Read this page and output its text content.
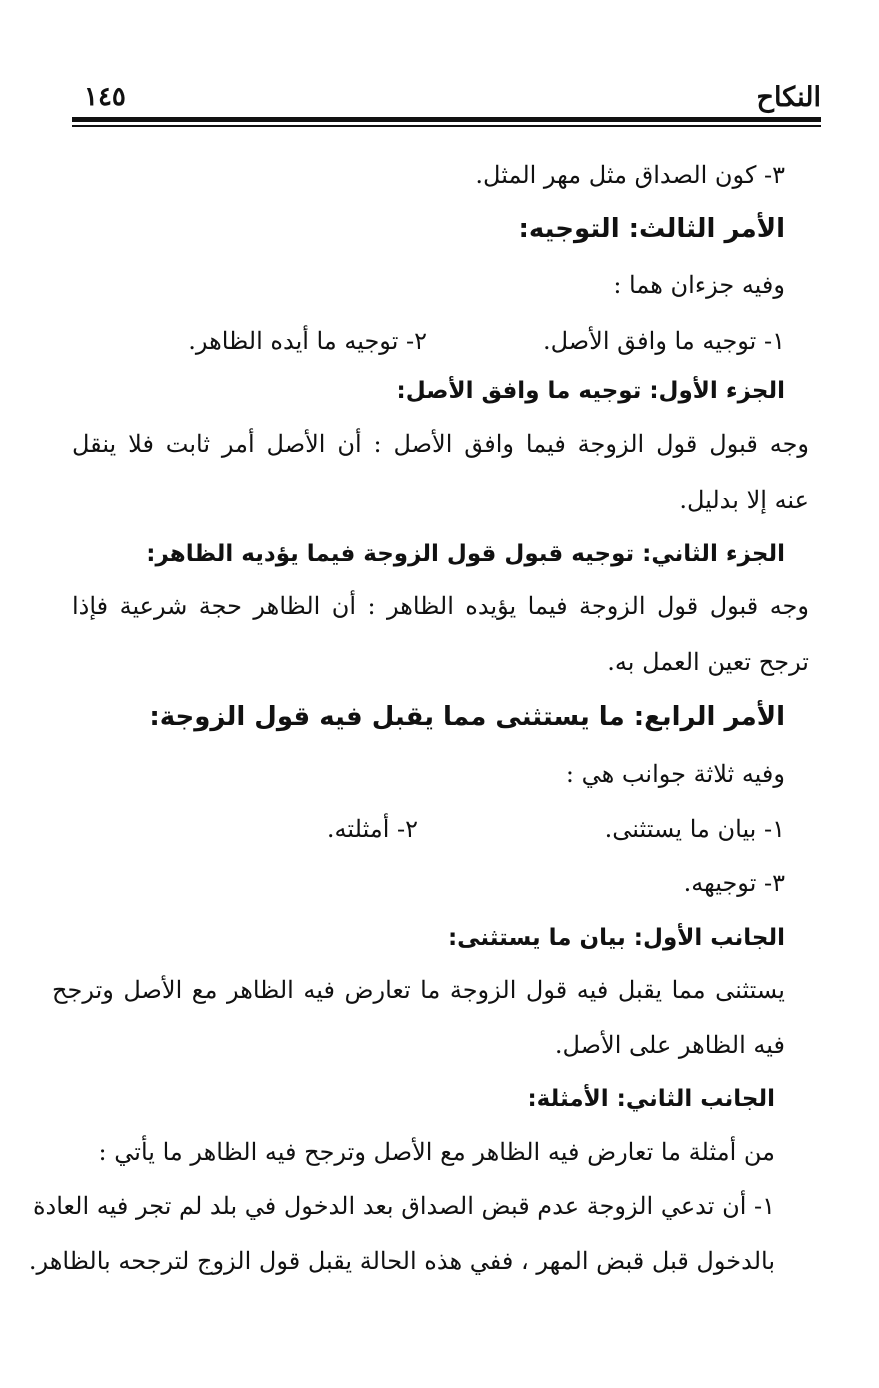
النكاح
١٤٥
٣- كون الصداق مثل مهر المثل.
الأمر الثالث: التوجيه:
وفيه جزءان هما :
١- توجيه ما وافق الأصل.
٢- توجيه ما أيده الظاهر.
الجزء الأول: توجيه ما وافق الأصل:
وجه قبول قول الزوجة فيما وافق الأصل : أن الأصل أمر ثابت فلا ينقل
عنه إلا بدليل.
الجزء الثاني: توجيه قبول قول الزوجة فيما يؤديه الظاهر:
وجه قبول قول الزوجة فيما يؤيده الظاهر : أن الظاهر حجة شرعية فإذا
ترجح تعين العمل به.
الأمر الرابع: ما يستثنى مما يقبل فيه قول الزوجة:
وفيه ثلاثة جوانب هي :
١- بيان ما يستثنى.
٢- أمثلته.
٣- توجيهه.
الجانب الأول: بيان ما يستثنى:
يستثنى مما يقبل فيه قول الزوجة ما تعارض فيه الظاهر مع الأصل وترجح
فيه الظاهر على الأصل.
الجانب الثاني: الأمثلة:
من أمثلة ما تعارض فيه الظاهر مع الأصل وترجح فيه الظاهر ما يأتي :
١- أن تدعي الزوجة عدم قبض الصداق بعد الدخول في بلد لم تجر فيه العادة
بالدخول قبل قبض المهر ، ففي هذه الحالة يقبل قول الزوج لترجحه بالظاهر.
